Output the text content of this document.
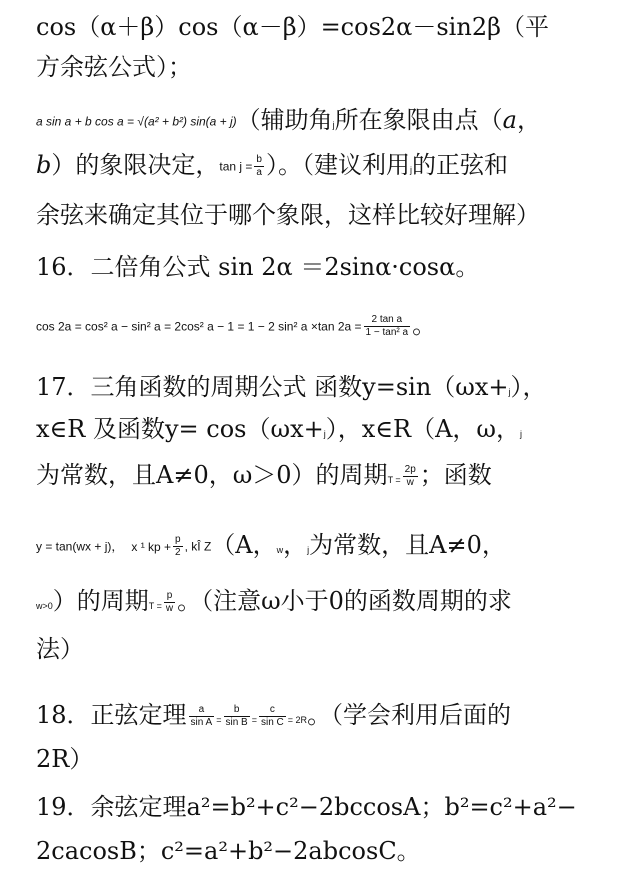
cos（α＋β）cos（α－β）=cos2α－sin2β（平
方余弦公式）；
a sin a + b cos a = √(a² + b²) sin(a + j)（辅助角j所在象限由点（a，
b）的象限决定，$\tan j = \frac{b}{a}$ ）。（建议利用j的正弦和
余弦来确定其位于哪个象限，这样比较好理解）
16．二倍角公式 sin 2α ＝2sinα·cosα。
cos 2a = cos² a − sin² a = 2cos² a − 1 = 1 − 2 sin² a ×tan $2a = \frac{\text{2 tan a}}{\text{1 − tan² a}}$ 。
17．三角函数的周期公式 函数y=sin（ωx+j），
x∈R 及函数y= cos（ωx+j），x∈R（A，ω，j
为常数，且A≠0，ω＞0）的周期$T = \frac{2p}{w}$ ；函数
y = tan(wx + j)， x ¹ kp + $\frac{p}{2}$ , kÎ Z（A，w，j为常数，且A≠0，
w>0）的周期$T = \frac{p}{w}$ 。（注意ω小于0的函数周期的求
法）
18．正弦定理 $\frac{a}{\text{sin A}} = \frac{b}{\text{sin B}} = \frac{c}{\text{sin C}} = 2R$。（学会利用后面的
2R）
19．余弦定理a²=b²+c²−2bccosA；b²=c²+a²−
2cacosB；c²=a²+b²−2abcosC。
